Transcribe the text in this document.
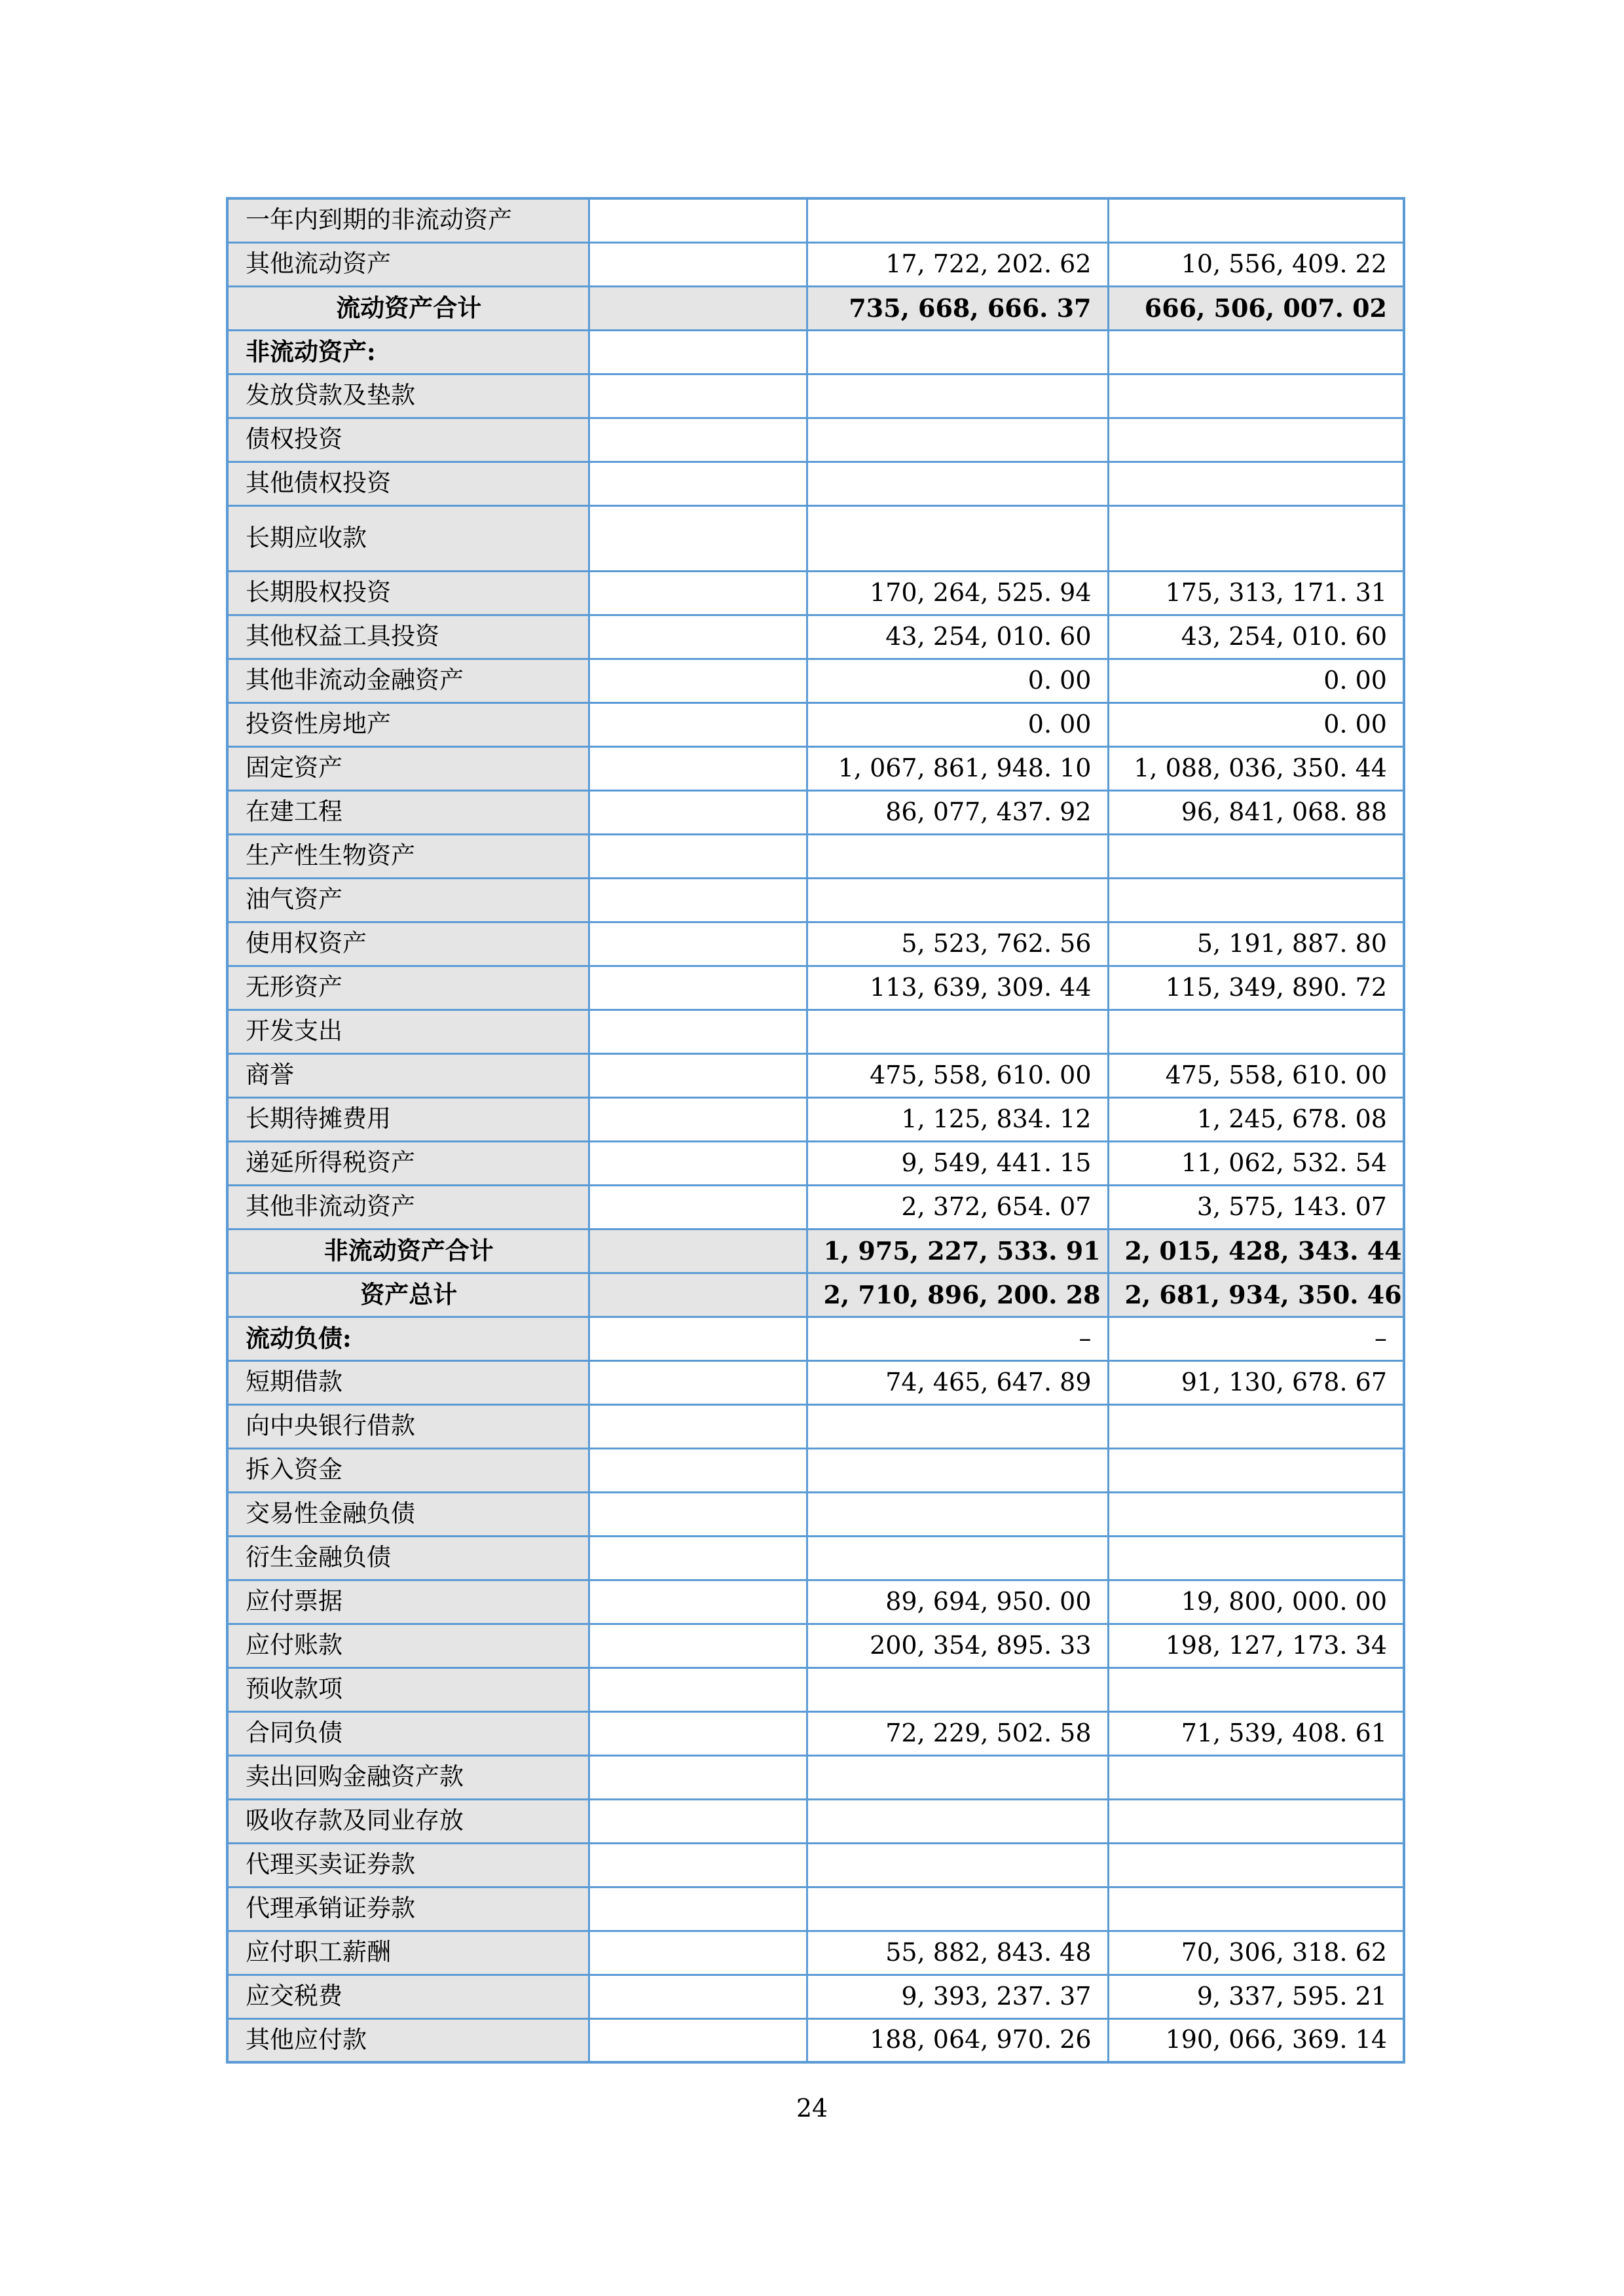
一年内到期的非流动资产			
其他流动资产		17, 722, 202. 62	10, 556, 409. 22
流动资产合计		735, 668, 666. 37	666, 506, 007. 02
非流动资产:			
发放贷款及垫款			
债权投资			
其他债权投资			
长期应收款			
长期股权投资		170, 264, 525. 94	175, 313, 171. 31
其他权益工具投资		43, 254, 010. 60	43, 254, 010. 60
其他非流动金融资产		0. 00	0. 00
投资性房地产		0. 00	0. 00
固定资产		1, 067, 861, 948. 10	1, 088, 036, 350. 44
在建工程		86, 077, 437. 92	96, 841, 068. 88
生产性生物资产			
油气资产			
使用权资产		5, 523, 762. 56	5, 191, 887. 80
无形资产		113, 639, 309. 44	115, 349, 890. 72
开发支出			
商誉		475, 558, 610. 00	475, 558, 610. 00
长期待摊费用		1, 125, 834. 12	1, 245, 678. 08
递延所得税资产		9, 549, 441. 15	11, 062, 532. 54
其他非流动资产		2, 372, 654. 07	3, 575, 143. 07
非流动资产合计		1, 975, 227, 533. 91	2, 015, 428, 343. 44
资产总计		2, 710, 896, 200. 28	2, 681, 934, 350. 46
流动负债:		–	–
短期借款		74, 465, 647. 89	91, 130, 678. 67
向中央银行借款			
拆入资金			
交易性金融负债			
衍生金融负债			
应付票据		89, 694, 950. 00	19, 800, 000. 00
应付账款		200, 354, 895. 33	198, 127, 173. 34
预收款项			
合同负债		72, 229, 502. 58	71, 539, 408. 61
卖出回购金融资产款			
吸收存款及同业存放			
代理买卖证券款			
代理承销证券款			
应付职工薪酬		55, 882, 843. 48	70, 306, 318. 62
应交税费		9, 393, 237. 37	9, 337, 595. 21
其他应付款		188, 064, 970. 26	190, 066, 369. 14
24
